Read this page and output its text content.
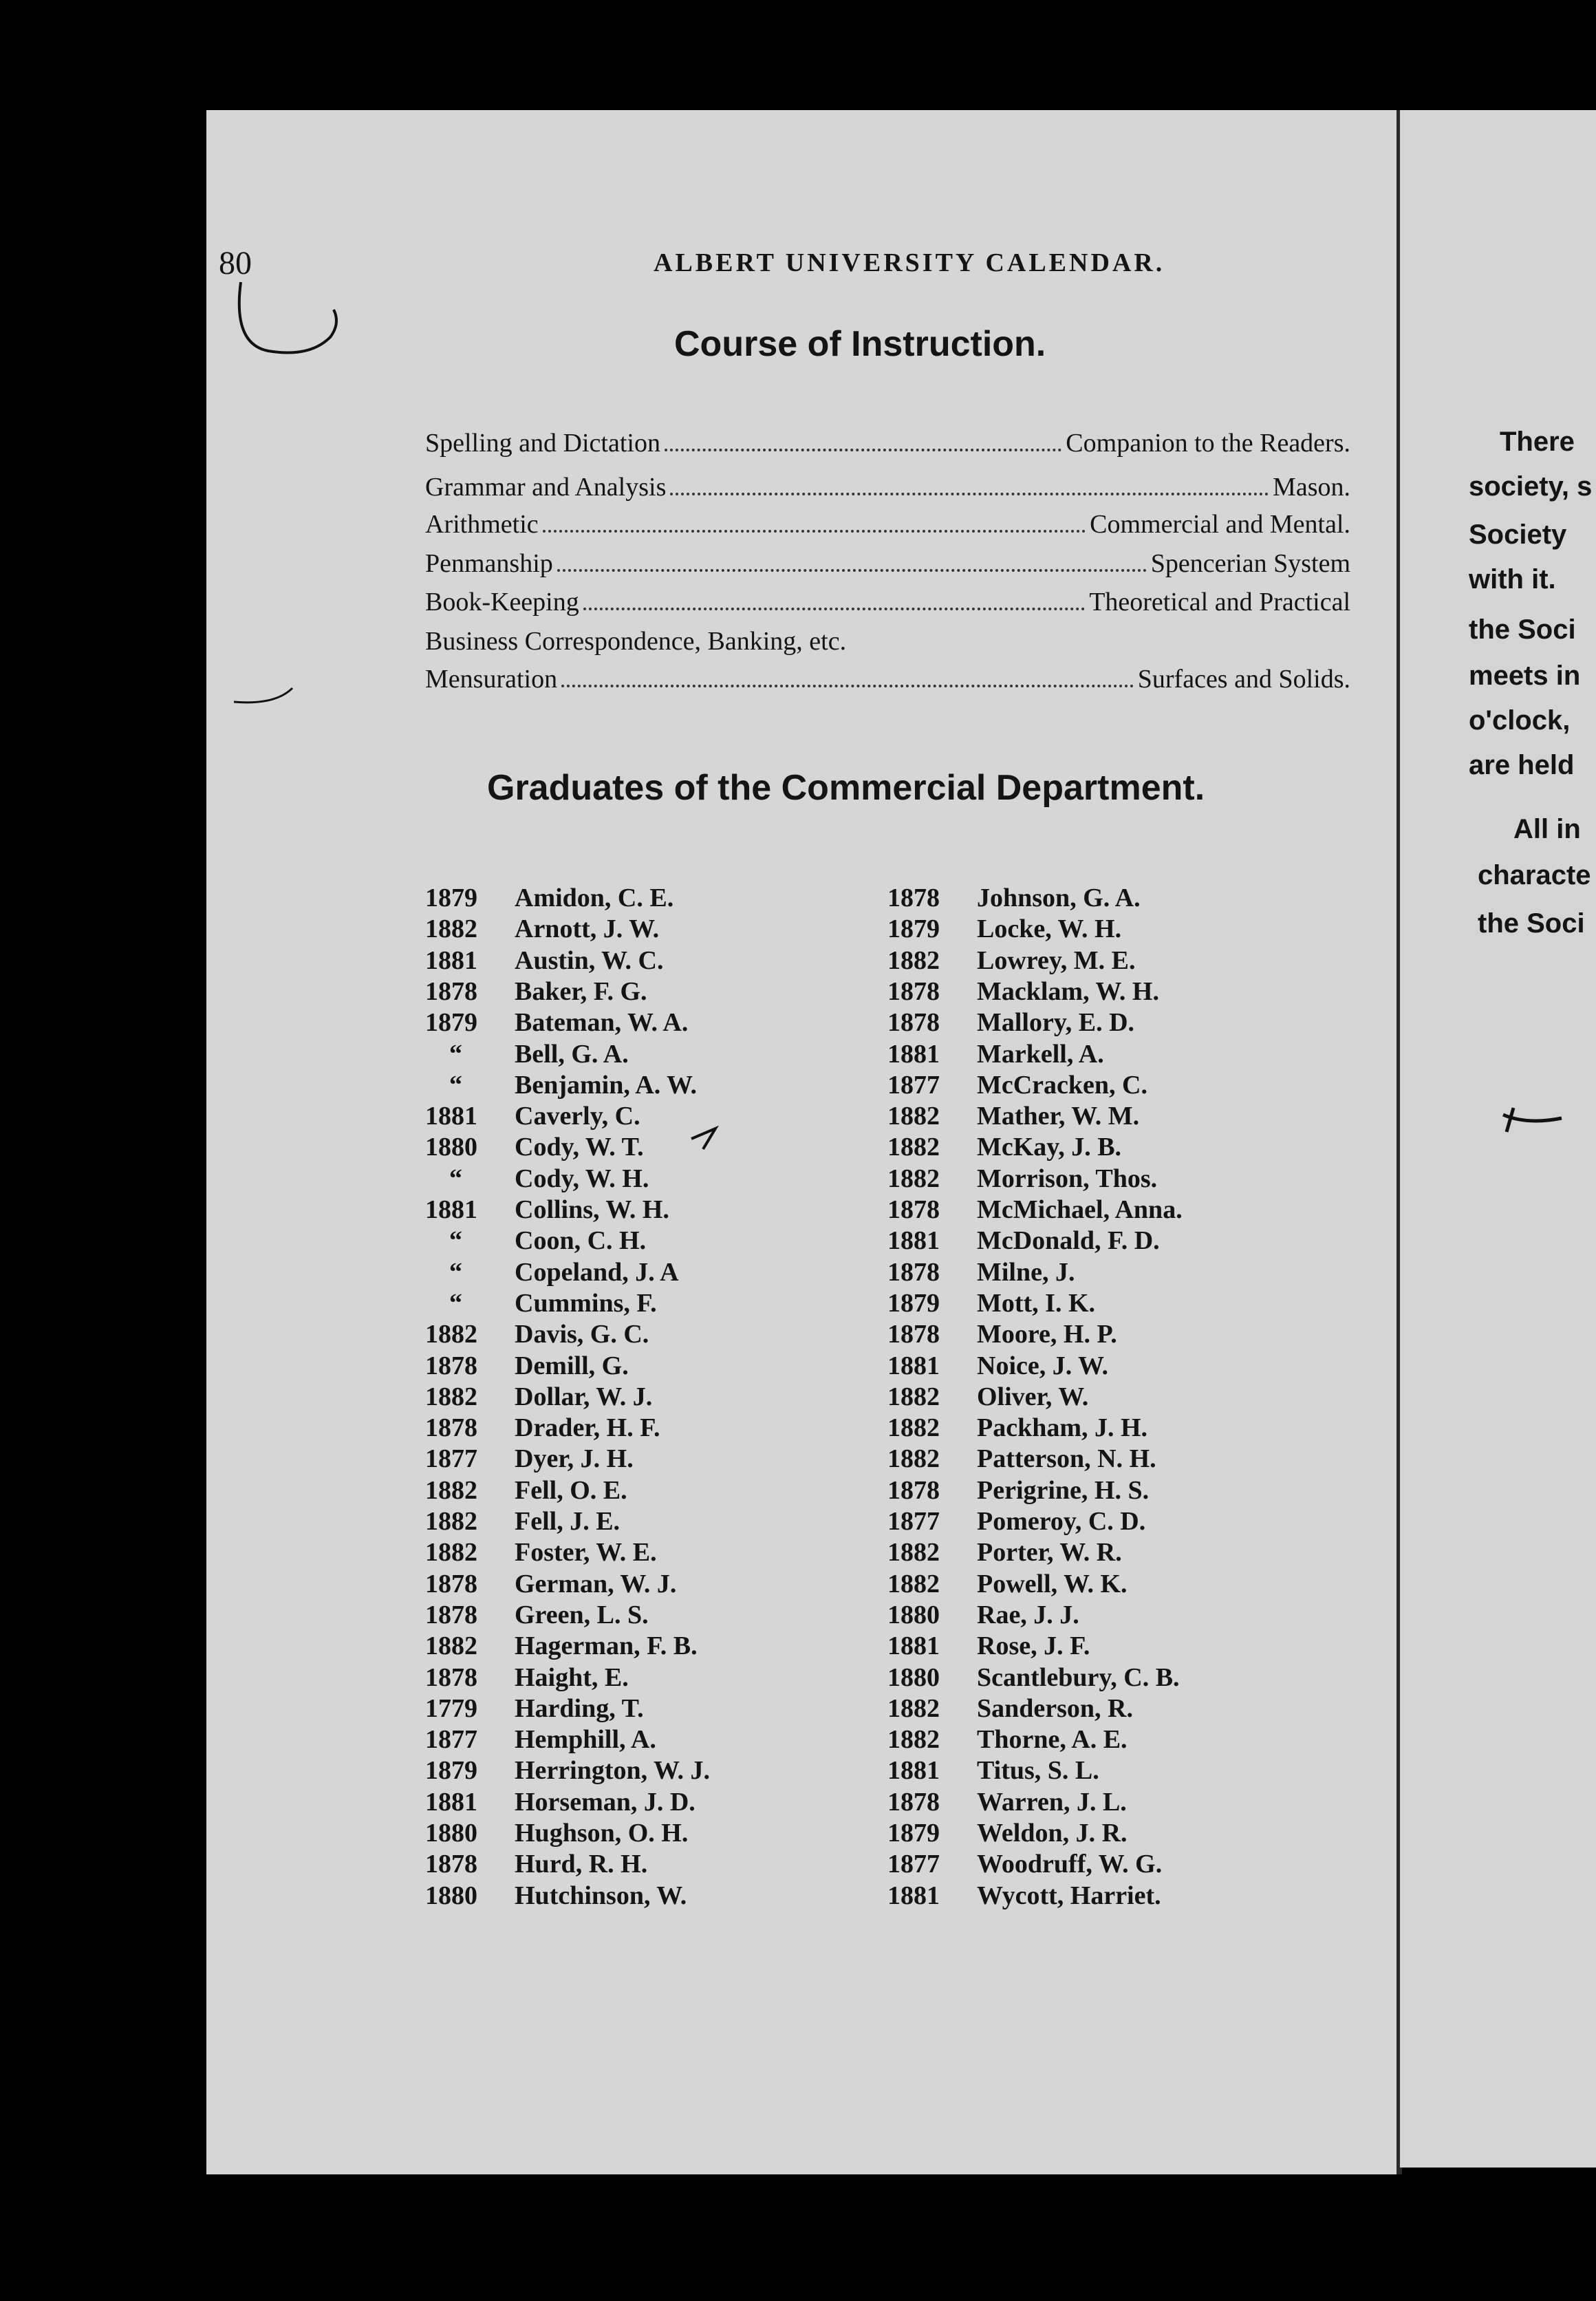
80	ALBERT UNIVERSITY CALENDAR.
Course of Instruction.
Spelling and Dictation	Companion to the Readers.
Grammar and Analysis	Mason.
Arithmetic	Commercial and Mental.
Penmanship	Spencerian System
Book-Keeping	Theoretical and Practical
Business Correspondence, Banking, etc.
Mensuration	Surfaces and Solids.
Graduates of the Commercial Department.
1879 Amidon, C. E.
1882 Arnott, J. W.
1881 Austin, W. C.
1878 Baker, F. G.
1879 Bateman, W. A.
“ Bell, G. A.
“ Benjamin, A. W.
1881 Caverly, C.
1880 Cody, W. T.
“ Cody, W. H.
1881 Collins, W. H.
“ Coon, C. H.
“ Copeland, J. A
“ Cummins, F.
1882 Davis, G. C.
1878 Demill, G.
1882 Dollar, W. J.
1878 Drader, H. F.
1877 Dyer, J. H.
1882 Fell, O. E.
1882 Fell, J. E.
1882 Foster, W. E.
1878 German, W. J.
1878 Green, L. S.
1882 Hagerman, F. B.
1878 Haight, E.
1779 Harding, T.
1877 Hemphill, A.
1879 Herrington, W. J.
1881 Horseman, J. D.
1880 Hughson, O. H.
1878 Hurd, R. H.
1880 Hutchinson, W.
1878 Johnson, G. A.
1879 Locke, W. H.
1882 Lowrey, M. E.
1878 Macklam, W. H.
1878 Mallory, E. D.
1881 Markell, A.
1877 McCracken, C.
1882 Mather, W. M.
1882 McKay, J. B.
1882 Morrison, Thos.
1878 McMichael, Anna.
1881 McDonald, F. D.
1878 Milne, J.
1879 Mott, I. K.
1878 Moore, H. P.
1881 Noice, J. W.
1882 Oliver, W.
1882 Packham, J. H.
1882 Patterson, N. H.
1878 Perigrine, H. S.
1877 Pomeroy, C. D.
1882 Porter, W. R.
1882 Powell, W. K.
1880 Rae, J. J.
1881 Rose, J. F.
1880 Scantlebury, C. B.
1882 Sanderson, R.
1882 Thorne, A. E.
1881 Titus, S. L.
1878 Warren, J. L.
1879 Weldon, J. R.
1877 Woodruff, W. G.
1881 Wycott, Harriet.
There
society, s
Society
with it.
the Soci
meets in
o'clock,
are held
All in
characte
the Soci
